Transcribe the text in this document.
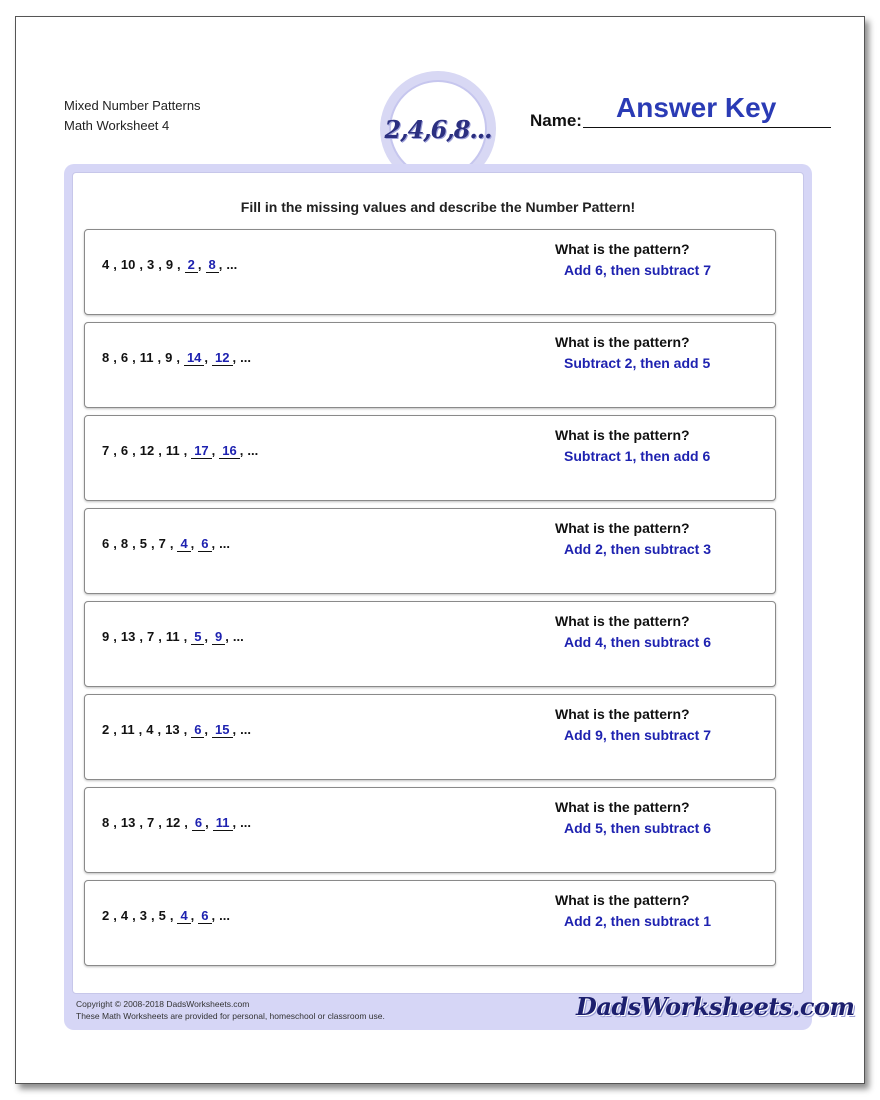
Mixed Number Patterns
Math Worksheet 4	2,4,6,8... Name: Answer Key
Fill in the missing values and describe the Number Pattern!
4 , 10 , 3 , 9 , 2 , 8 , ...
What is the pattern?
Add 6, then subtract 7
8 , 6 , 11 , 9 , 14 , 12 , ...
What is the pattern?
Subtract 2, then add 5
7 , 6 , 12 , 11 , 17 , 16 , ...
What is the pattern?
Subtract 1, then add 6
6 , 8 , 5 , 7 , 4 , 6 , ...
What is the pattern?
Add 2, then subtract 3
9 , 13 , 7 , 11 , 5 , 9 , ...
What is the pattern?
Add 4, then subtract 6
2 , 11 , 4 , 13 , 6 , 15 , ...
What is the pattern?
Add 9, then subtract 7
8 , 13 , 7 , 12 , 6 , 11 , ...
What is the pattern?
Add 5, then subtract 6
2 , 4 , 3 , 5 , 4 , 6 , ...
What is the pattern?
Add 2, then subtract 1
Copyright © 2008-2018 DadsWorksheets.com
These Math Worksheets are provided for personal, homeschool or classroom use.	DadsWorksheets.com
